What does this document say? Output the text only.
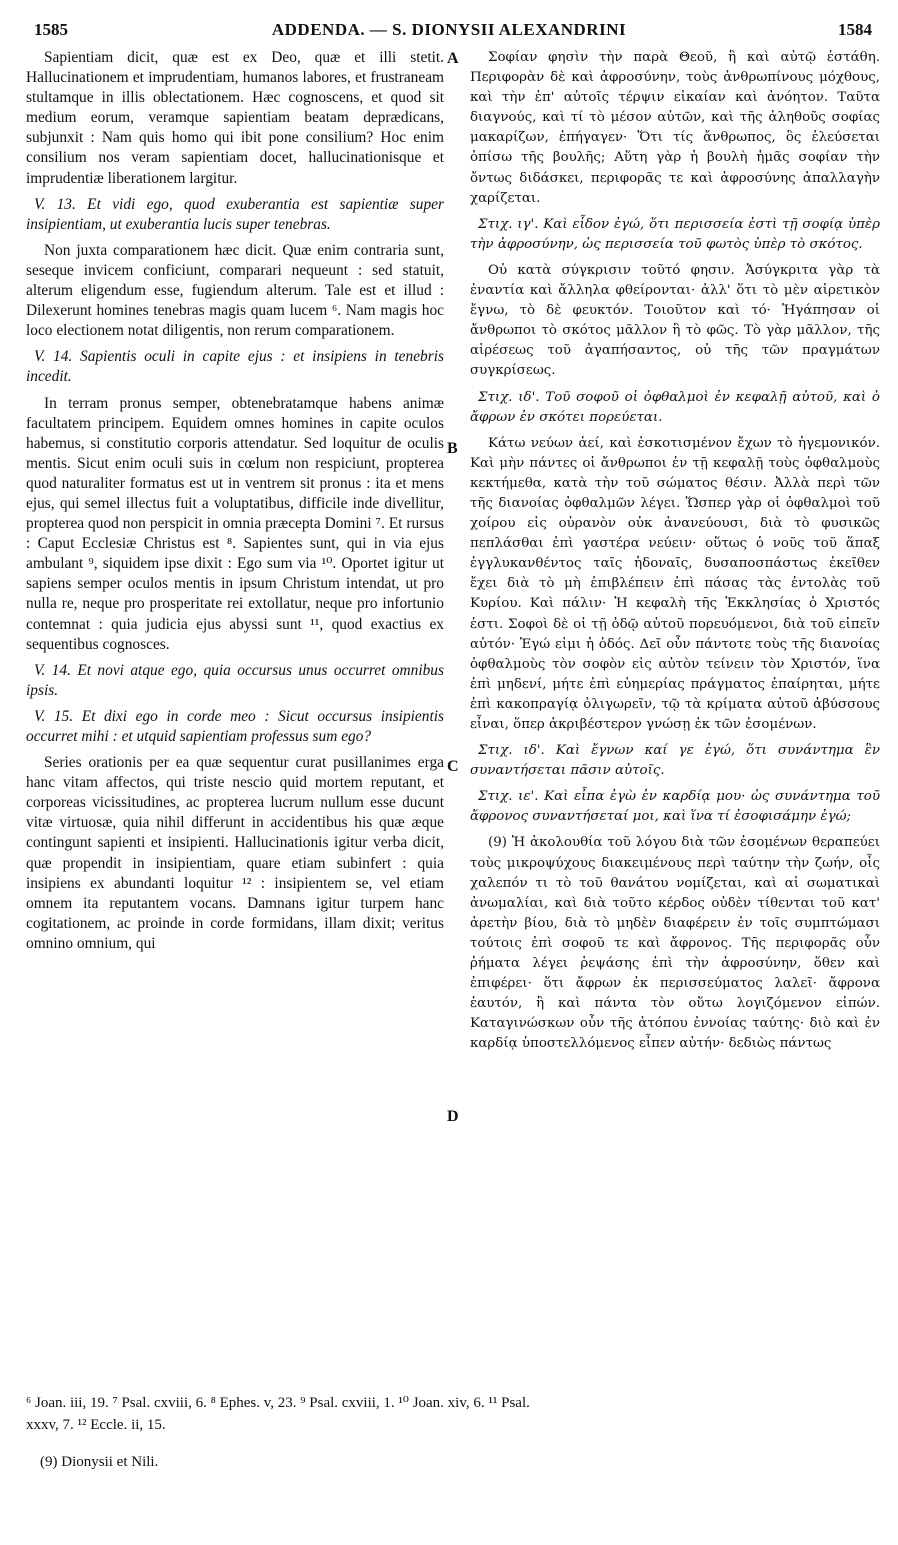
1585	ADDENDA. — S. DIONYSII ALEXANDRINI	1584
A
B
C
D

Sapientiam dicit, quæ est ex Deo, quæ et illi stetit. Hallucinationem et imprudentiam, humanos labores, et frustraneam stultamque in illis oblectationem. Hæc cognoscens, et quod sit medium eorum, veramque sapientiam beatam deprædicans, subjunxit : Nam quis homo qui ibit pone consilium? Hoc enim consilium nos veram sapientiam docet, hallucinationisque et imprudentiæ liberationem largitur.

V. 13. Et vidi ego, quod exuberantia est sapientiæ super insipientiam, ut exuberantia lucis super tenebras.

Non juxta comparationem hæc dicit. Quæ enim contraria sunt, seseque invicem conficiunt, comparari nequeunt : sed statuit, alterum eligendum esse, fugiendum alterum. Tale est et illud : Dilexerunt homines tenebras magis quam lucem ⁶. Nam magis hoc loco electionem notat diligentis, non rerum comparationem.

V. 14. Sapientis oculi in capite ejus : et insipiens in tenebris incedit.

In terram pronus semper, obtenebratamque habens animæ facultatem principem. Equidem omnes homines in capite oculos habemus, si constitutio corporis attendatur. Sed loquitur de oculis mentis. Sicut enim oculi suis in cœlum non respiciunt, propterea quod naturaliter formatus est ut in ventrem sit pronus : ita et mens ejus, qui semel illectus fuit a voluptatibus, difficile inde divellitur, propterea quod non perspicit in omnia præcepta Domini ⁷. Et rursus : Caput Ecclesiæ Christus est ⁸. Sapientes sunt, qui in via ejus ambulant ⁹, siquidem ipse dixit : Ego sum via ¹⁰. Oportet igitur ut sapiens semper oculos mentis in ipsum Christum intendat, ut pro nulla re, neque pro prosperitate rei extollatur, neque pro infortunio contemnat : quia judicia ejus abyssi sunt ¹¹, quod exactius ex sequentibus cognosces.

V. 14. Et novi atque ego, quia occursus unus occurret omnibus ipsis.

V. 15. Et dixi ego in corde meo : Sicut occursus insipientis occurret mihi : et utquid sapientiam professus sum ego?

Series orationis per ea quæ sequentur curat pusillanimes erga hanc vitam affectos, qui triste nescio quid mortem reputant, et corporeas vicissitudines, ac propterea lucrum nullum esse ducunt vitæ virtuosæ, quia nihil differunt in accidentibus his quæ æque contingunt sapienti et insipienti. Hallucinationis igitur verba dicit, quæ propendit in insipientiam, quare etiam subinfert : quia insipiens ex abundanti loquitur ¹² : insipientem se, vel etiam omnem ita reputantem vocans. Damnans igitur turpem hanc cogitationem, ac proinde in corde formidans, illam dixit; veritus omnino omnium, qui

Σοφίαν φησὶν τὴν παρὰ Θεοῦ, ἣ καὶ αὐτῷ ἐστάθη. Περιφορὰν δὲ καὶ ἀφροσύνην, τοὺς ἀνθρωπίνους μόχθους, καὶ τὴν ἐπ' αὐτοῖς τέρψιν εἰκαίαν καὶ ἀνόητον. Ταῦτα διαγνούς, καὶ τί τὸ μέσον αὐτῶν, καὶ τῆς ἀληθοῦς σοφίας μακαρίζων, ἐπήγαγεν· Ὅτι τίς ἄνθρωπος, ὃς ἐλεύσεται ὀπίσω τῆς βουλῆς; Αὕτη γὰρ ἡ βουλὴ ἡμᾶς σοφίαν τὴν ὄντως διδάσκει, περιφορᾶς τε καὶ ἀφροσύνης ἀπαλλαγὴν χαρίζεται.

Στιχ. ιγ'. Καὶ εἶδον ἐγώ, ὅτι περισσεία ἐστὶ τῇ σοφίᾳ ὑπὲρ τὴν ἀφροσύνην, ὡς περισσεία τοῦ φωτὸς ὑπὲρ τὸ σκότος.

Οὐ κατὰ σύγκρισιν τοῦτό φησιν. Ἀσύγκριτα γὰρ τὰ ἐναντία καὶ ἄλληλα φθείρονται· ἀλλ' ὅτι τὸ μὲν αἱρετικὸν ἔγνω, τὸ δὲ φευκτόν. Τοιοῦτον καὶ τό· Ἠγάπησαν οἱ ἄνθρωποι τὸ σκότος μᾶλλον ἢ τὸ φῶς. Τὸ γὰρ μᾶλλον, τῆς αἱρέσεως τοῦ ἀγαπήσαντος, οὐ τῆς τῶν πραγμάτων συγκρίσεως.

Στιχ. ιδ'. Τοῦ σοφοῦ οἱ ὀφθαλμοὶ ἐν κεφαλῇ αὐτοῦ, καὶ ὁ ἄφρων ἐν σκότει πορεύεται.

Κάτω νεύων ἀεί, καὶ ἐσκοτισμένον ἔχων τὸ ἡγεμονικόν. Καὶ μὴν πάντες οἱ ἄνθρωποι ἐν τῇ κεφαλῇ τοὺς ὀφθαλμοὺς κεκτήμεθα, κατὰ τὴν τοῦ σώματος θέσιν. Ἀλλὰ περὶ τῶν τῆς διανοίας ὀφθαλμῶν λέγει. Ὥσπερ γὰρ οἱ ὀφθαλμοὶ τοῦ χοίρου εἰς οὐρανὸν οὐκ ἀνανεύουσι, διὰ τὸ φυσικῶς πεπλάσθαι ἐπὶ γαστέρα νεύειν· οὕτως ὁ νοῦς τοῦ ἅπαξ ἐγγλυκανθέντος ταῖς ἡδοναῖς, δυσαποσπάστως ἐκεῖθεν ἔχει διὰ τὸ μὴ ἐπιβλέπειν ἐπὶ πάσας τὰς ἐντολὰς τοῦ Κυρίου. Καὶ πάλιν· Ἡ κεφαλὴ τῆς Ἐκκλησίας ὁ Χριστός ἐστι. Σοφοὶ δὲ οἱ τῇ ὁδῷ αὐτοῦ πορευόμενοι, διὰ τοῦ εἰπεῖν αὐτόν· Ἐγώ εἰμι ἡ ὁδός. Δεῖ οὖν πάντοτε τοὺς τῆς διανοίας ὀφθαλμοὺς τὸν σοφὸν εἰς αὐτὸν τείνειν τὸν Χριστόν, ἵνα ἐπὶ μηδενί, μήτε ἐπὶ εὐημερίας πράγματος ἐπαίρηται, μήτε ἐπὶ κακοπραγίᾳ ὀλιγωρεῖν, τῷ τὰ κρίματα αὐτοῦ ἀβύσσους εἶναι, ὅπερ ἀκριβέστερον γνώσῃ ἐκ τῶν ἐσομένων.

Στιχ. ιδ'. Καὶ ἔγνων καί γε ἐγώ, ὅτι συνάντημα ἓν συναντήσεται πᾶσιν αὐτοῖς.

Στιχ. ιε'. Καὶ εἶπα ἐγὼ ἐν καρδίᾳ μου· ὡς συνάντημα τοῦ ἄφρονος συναντήσεταί μοι, καὶ ἵνα τί ἐσοφισάμην ἐγώ;

(9) Ἡ ἀκολουθία τοῦ λόγου διὰ τῶν ἐσομένων θεραπεύει τοὺς μικροψύχους διακειμένους περὶ ταύτην τὴν ζωήν, οἷς χαλεπόν τι τὸ τοῦ θανάτου νομίζεται, καὶ αἱ σωματικαὶ ἀνωμαλίαι, καὶ διὰ τοῦτο κέρδος οὐδὲν τίθενται τοῦ κατ' ἀρετὴν βίου, διὰ τὸ μηδὲν διαφέρειν ἐν τοῖς συμπτώμασι τούτοις ἐπὶ σοφοῦ τε καὶ ἄφρονος. Τῆς περιφορᾶς οὖν ῥήματα λέγει ῥεψάσης ἐπὶ τὴν ἀφροσύνην, ὅθεν καὶ ἐπιφέρει· ὅτι ἄφρων ἐκ περισσεύματος λαλεῖ· ἄφρονα ἑαυτόν, ἢ καὶ πάντα τὸν οὕτω λογιζόμενον εἰπών. Καταγινώσκων οὖν τῆς ἀτόπου ἐννοίας ταύτης· διὸ καὶ ἐν καρδίᾳ ὑποστελλόμενος εἶπεν αὐτήν· δεδιὼς πάντως

⁶ Joan. iii, 19. ⁷ Psal. cxviii, 6. ⁸ Ephes. v, 23. ⁹ Psal. cxviii, 1. ¹⁰ Joan. xiv, 6. ¹¹ Psal.
xxxv, 7. ¹² Eccle. ii, 15.
(9) Dionysii et Nili.
